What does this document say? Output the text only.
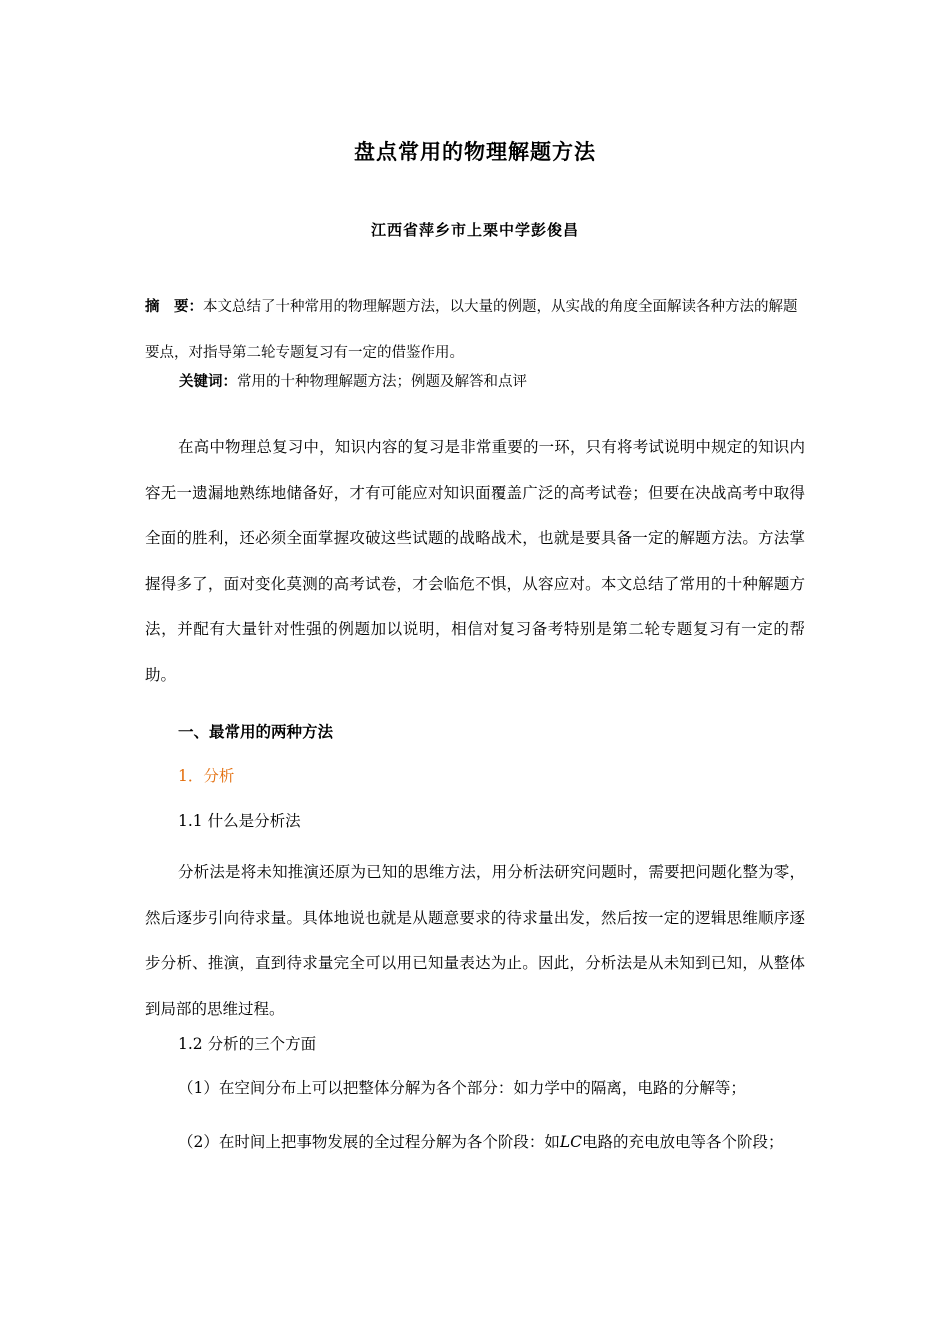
盘点常用的物理解题方法
江西省萍乡市上栗中学彭俊昌
摘　要：本文总结了十种常用的物理解题方法，以大量的例题，从实战的角度全面解读各种方法的解题要点，对指导第二轮专题复习有一定的借鉴作用。
关键词：常用的十种物理解题方法；例题及解答和点评
在高中物理总复习中，知识内容的复习是非常重要的一环，只有将考试说明中规定的知识内容无一遗漏地熟练地储备好，才有可能应对知识面覆盖广泛的高考试卷；但要在决战高考中取得全面的胜利，还必须全面掌握攻破这些试题的战略战术，也就是要具备一定的解题方法。方法掌握得多了，面对变化莫测的高考试卷，才会临危不惧，从容应对。本文总结了常用的十种解题方法，并配有大量针对性强的例题加以说明，相信对复习备考特别是第二轮专题复习有一定的帮助。
一、最常用的两种方法
1．分析
1.1 什么是分析法
分析法是将未知推演还原为已知的思维方法，用分析法研究问题时，需要把问题化整为零，然后逐步引向待求量。具体地说也就是从题意要求的待求量出发，然后按一定的逻辑思维顺序逐步分析、推演，直到待求量完全可以用已知量表达为止。因此，分析法是从未知到已知，从整体到局部的思维过程。
1.2 分析的三个方面
（1）在空间分布上可以把整体分解为各个部分：如力学中的隔离，电路的分解等；
（2）在时间上把事物发展的全过程分解为各个阶段：如LC电路的充电放电等各个阶段；
